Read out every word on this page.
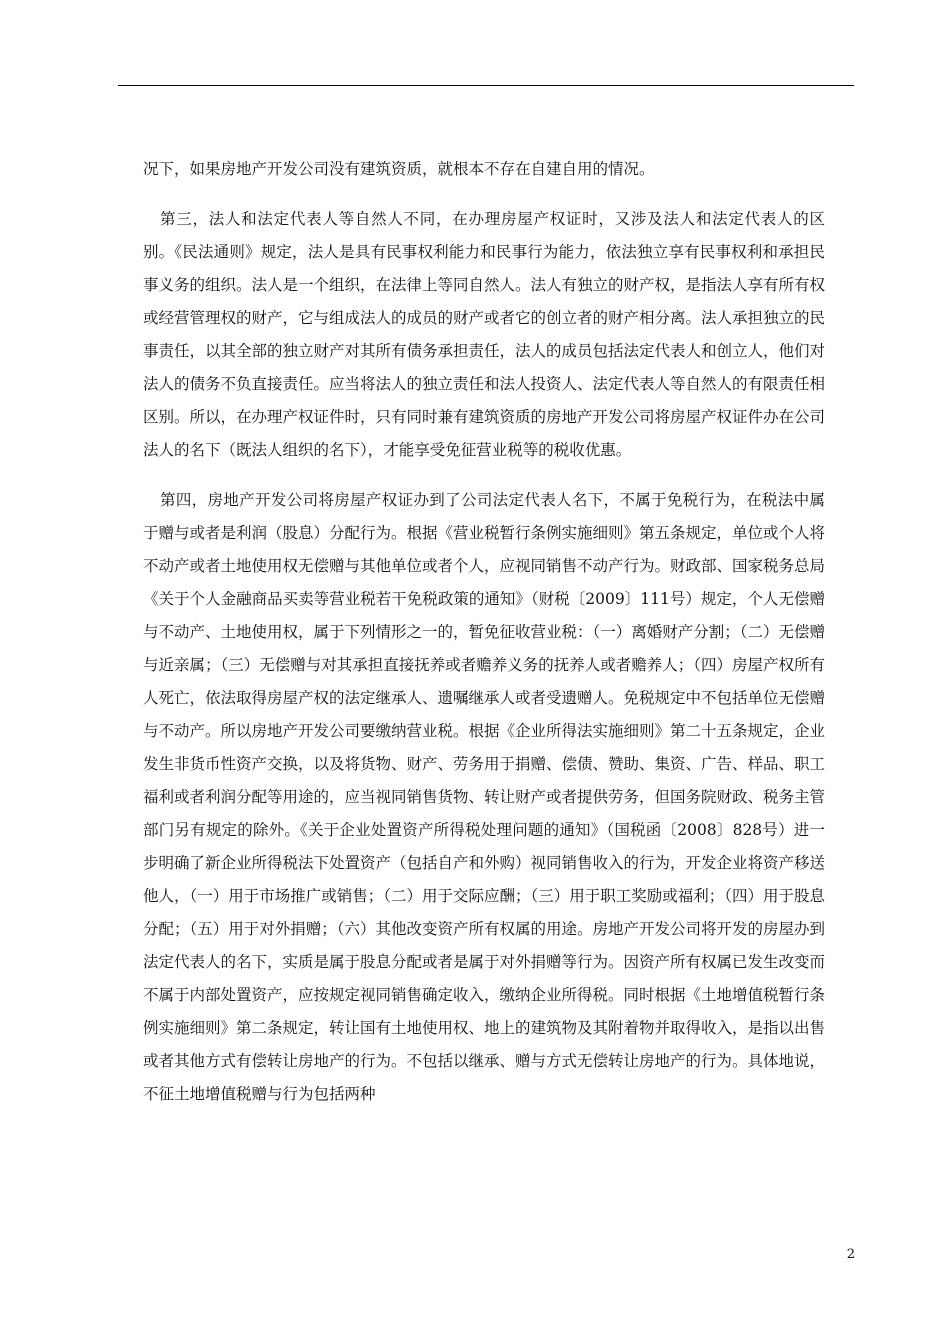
况下，如果房地产开发公司没有建筑资质，就根本不存在自建自用的情况。

第三，法人和法定代表人等自然人不同，在办理房屋产权证时，又涉及法人和法定代表人的区别。《民法通则》规定，法人是具有民事权利能力和民事行为能力，依法独立享有民事权利和承担民事义务的组织。法人是一个组织，在法律上等同自然人。法人有独立的财产权，是指法人享有所有权或经营管理权的财产，它与组成法人的成员的财产或者它的创立者的财产相分离。法人承担独立的民事责任，以其全部的独立财产对其所有债务承担责任，法人的成员包括法定代表人和创立人，他们对法人的债务不负直接责任。应当将法人的独立责任和法人投资人、法定代表人等自然人的有限责任相区别。所以，在办理产权证件时，只有同时兼有建筑资质的房地产开发公司将房屋产权证件办在公司法人的名下（既法人组织的名下），才能享受免征营业税等的税收优惠。

第四，房地产开发公司将房屋产权证办到了公司法定代表人名下，不属于免税行为，在税法中属于赠与或者是利润（股息）分配行为。根据《营业税暂行条例实施细则》第五条规定，单位或个人将不动产或者土地使用权无偿赠与其他单位或者个人，应视同销售不动产行为。财政部、国家税务总局《关于个人金融商品买卖等营业税若干免税政策的通知》（财税〔2009〕111号）规定，个人无偿赠与不动产、土地使用权，属于下列情形之一的，暂免征收营业税：（一）离婚财产分割；（二）无偿赠与近亲属；（三）无偿赠与对其承担直接抚养或者赡养义务的抚养人或者赡养人；（四）房屋产权所有人死亡，依法取得房屋产权的法定继承人、遗嘱继承人或者受遗赠人。免税规定中不包括单位无偿赠与不动产。所以房地产开发公司要缴纳营业税。根据《企业所得法实施细则》第二十五条规定，企业发生非货币性资产交换，以及将货物、财产、劳务用于捐赠、偿债、赞助、集资、广告、样品、职工福利或者利润分配等用途的，应当视同销售货物、转让财产或者提供劳务，但国务院财政、税务主管部门另有规定的除外。《关于企业处置资产所得税处理问题的通知》（国税函〔2008〕828号）进一步明确了新企业所得税法下处置资产（包括自产和外购）视同销售收入的行为，开发企业将资产移送他人，（一）用于市场推广或销售；（二）用于交际应酬；（三）用于职工奖励或福利；（四）用于股息分配；（五）用于对外捐赠；（六）其他改变资产所有权属的用途。房地产开发公司将开发的房屋办到法定代表人的名下，实质是属于股息分配或者是属于对外捐赠等行为。因资产所有权属已发生改变而不属于内部处置资产，应按规定视同销售确定收入，缴纳企业所得税。同时根据《土地增值税暂行条例实施细则》第二条规定，转让国有土地使用权、地上的建筑物及其附着物并取得收入，是指以出售或者其他方式有偿转让房地产的行为。不包括以继承、赠与方式无偿转让房地产的行为。具体地说，不征土地增值税赠与行为包括两种

2
